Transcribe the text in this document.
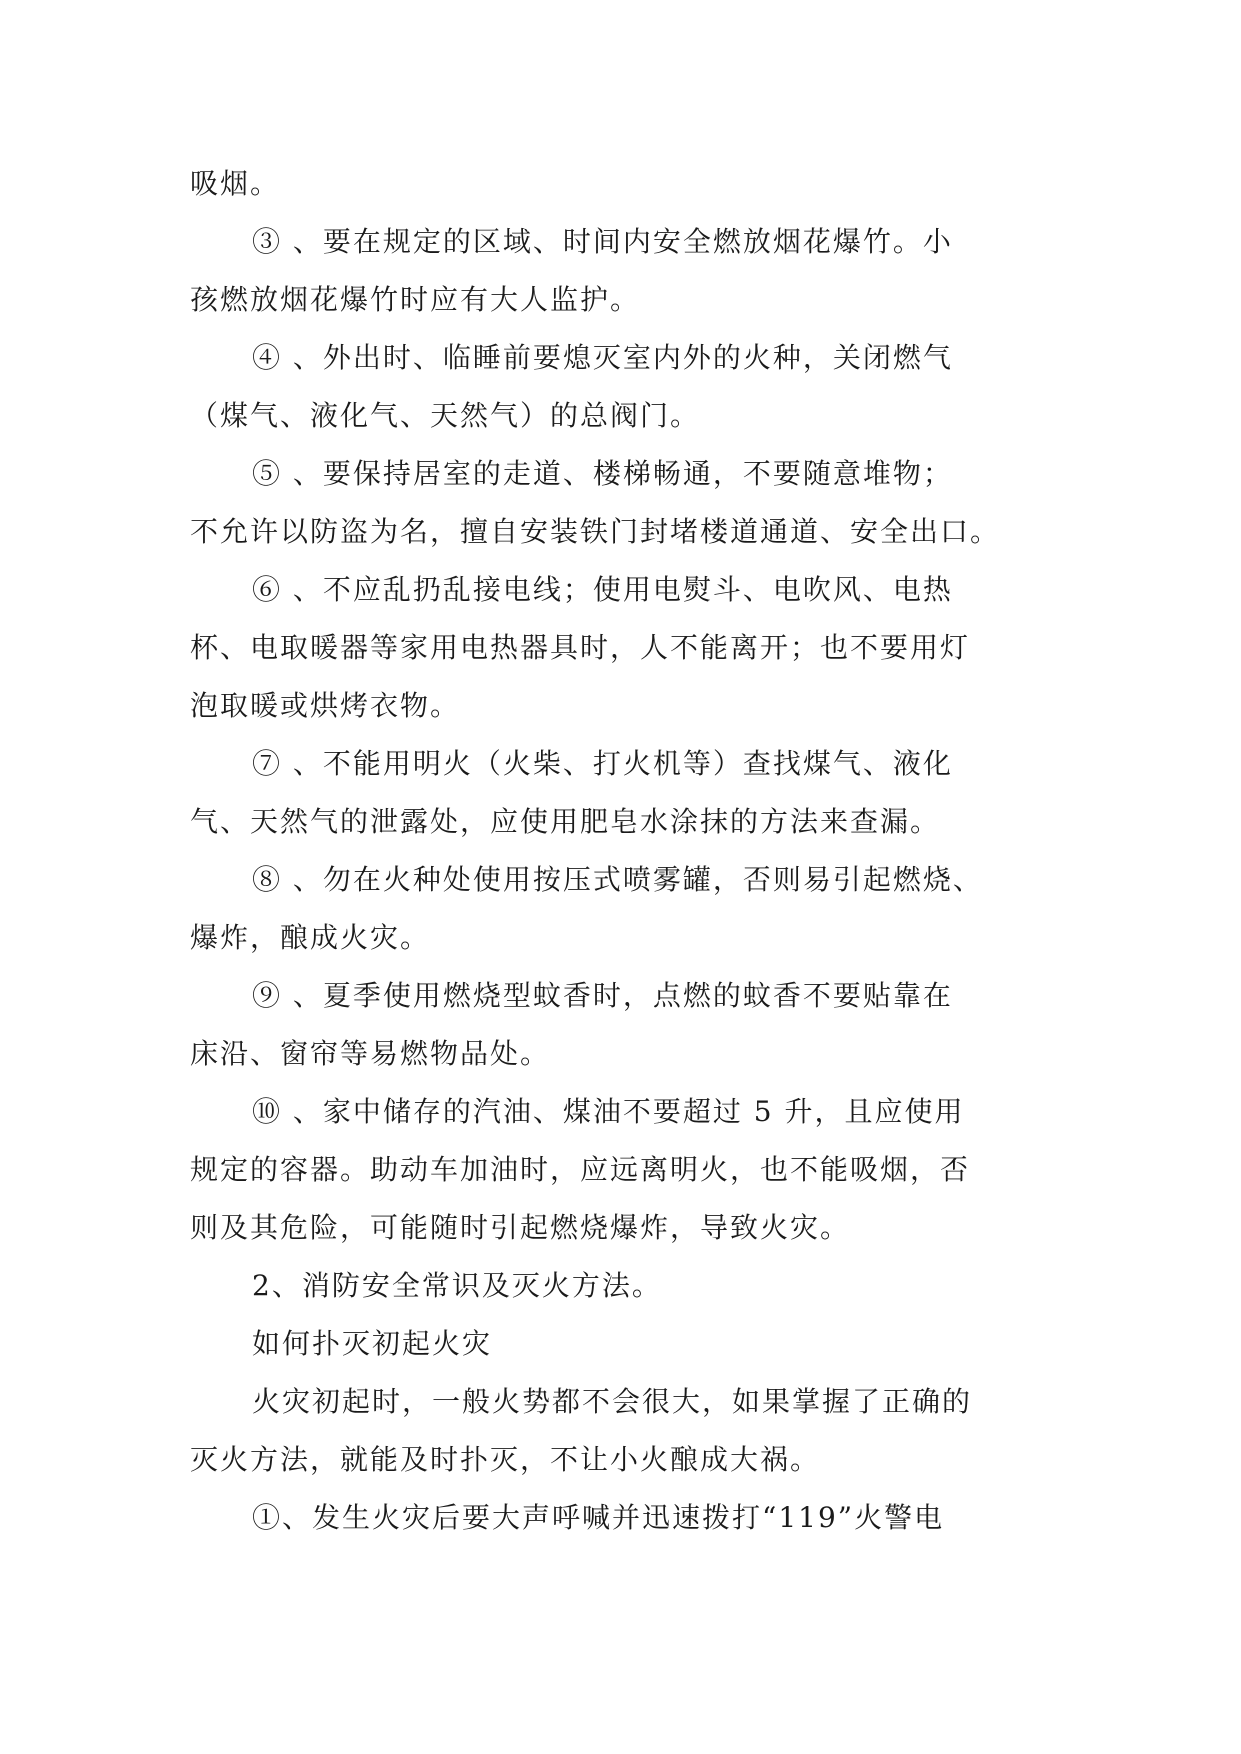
吸烟。
③ 、要在规定的区域、时间内安全燃放烟花爆竹。小
孩燃放烟花爆竹时应有大人监护。
④ 、外出时、临睡前要熄灭室内外的火种，关闭燃气
（煤气、液化气、天然气）的总阀门。
⑤ 、要保持居室的走道、楼梯畅通，不要随意堆物；
不允许以防盗为名，擅自安装铁门封堵楼道通道、安全出口。
⑥ 、不应乱扔乱接电线；使用电熨斗、电吹风、电热
杯、电取暖器等家用电热器具时，人不能离开；也不要用灯
泡取暖或烘烤衣物。
⑦ 、不能用明火（火柴、打火机等）查找煤气、液化
气、天然气的泄露处，应使用肥皂水涂抹的方法来查漏。
⑧ 、勿在火种处使用按压式喷雾罐，否则易引起燃烧、
爆炸，酿成火灾。
⑨ 、夏季使用燃烧型蚊香时，点燃的蚊香不要贴靠在
床沿、窗帘等易燃物品处。
⑩ 、家中储存的汽油、煤油不要超过 5 升，且应使用
规定的容器。助动车加油时，应远离明火，也不能吸烟，否
则及其危险，可能随时引起燃烧爆炸，导致火灾。
2、消防安全常识及灭火方法。
如何扑灭初起火灾
火灾初起时，一般火势都不会很大，如果掌握了正确的
灭火方法，就能及时扑灭，不让小火酿成大祸。
①、发生火灾后要大声呼喊并迅速拨打“119”火警电
